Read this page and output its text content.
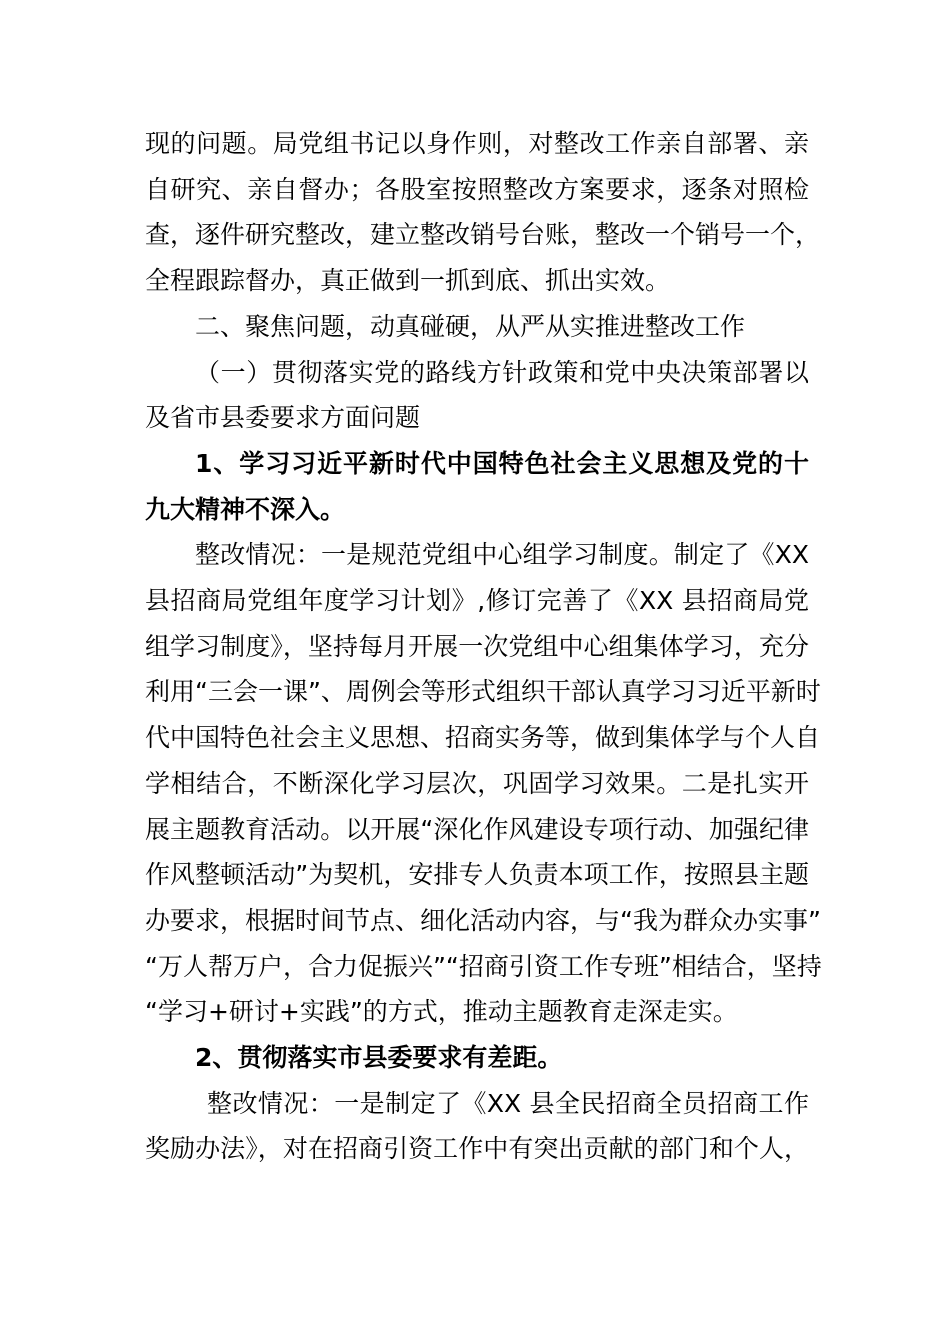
现的问题。局党组书记以身作则，对整改工作亲自部署、亲
自研究、亲自督办；各股室按照整改方案要求，逐条对照检
查，逐件研究整改，建立整改销号台账，整改一个销号一个，
全程跟踪督办，真正做到一抓到底、抓出实效。

二、聚焦问题，动真碰硬，从严从实推进整改工作

（一）贯彻落实党的路线方针政策和党中央决策部署以
及省市县委要求方面问题

1、学习习近平新时代中国特色社会主义思想及党的十
九大精神不深入。

整改情况：一是规范党组中心组学习制度。制定了《XX
县招商局党组年度学习计划》,修订完善了《XX 县招商局党
组学习制度》，坚持每月开展一次党组中心组集体学习，充分
利用“三会一课”、周例会等形式组织干部认真学习习近平新时
代中国特色社会主义思想、招商实务等，做到集体学与个人自
学相结合，不断深化学习层次，巩固学习效果。二是扎实开
展主题教育活动。以开展“深化作风建设专项行动、加强纪律
作风整顿活动”为契机，安排专人负责本项工作，按照县主题
办要求，根据时间节点、细化活动内容，与“我为群众办实事”
“万人帮万户，合力促振兴”“招商引资工作专班”相结合，坚持
“学习+研讨+实践”的方式，推动主题教育走深走实。

2、贯彻落实市县委要求有差距。

整改情况：一是制定了《XX 县全民招商全员招商工作
奖励办法》，对在招商引资工作中有突出贡献的部门和个人，
